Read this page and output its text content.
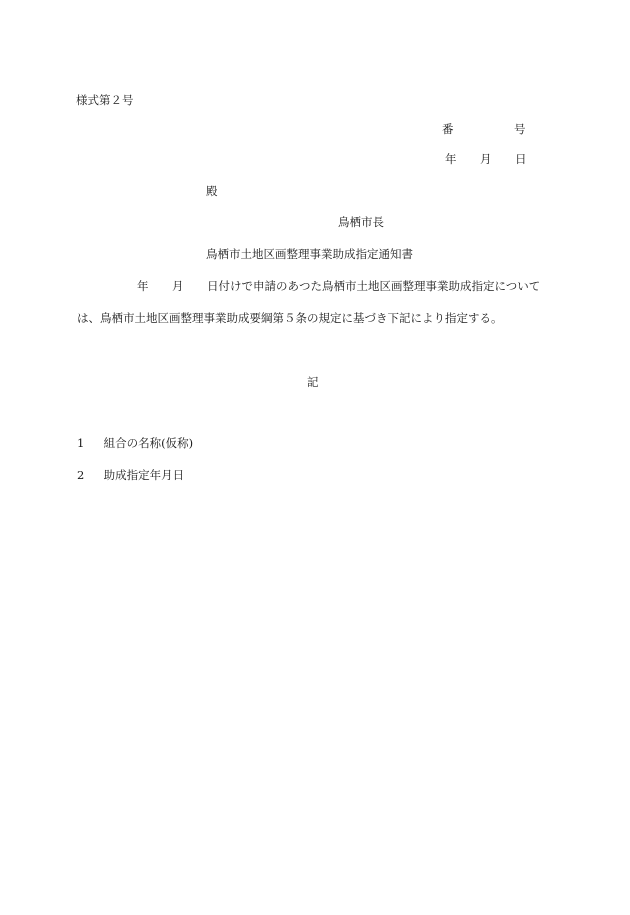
様式第２号
番	号
年 月 日
殿
鳥栖市長
鳥栖市土地区画整理事業助成指定通知書
年 月 日付けで申請のあつた鳥栖市土地区画整理事業助成指定について
は、鳥栖市土地区画整理事業助成要綱第５条の規定に基づき下記により指定する。
記
1 組合の名称(仮称)
2 助成指定年月日
